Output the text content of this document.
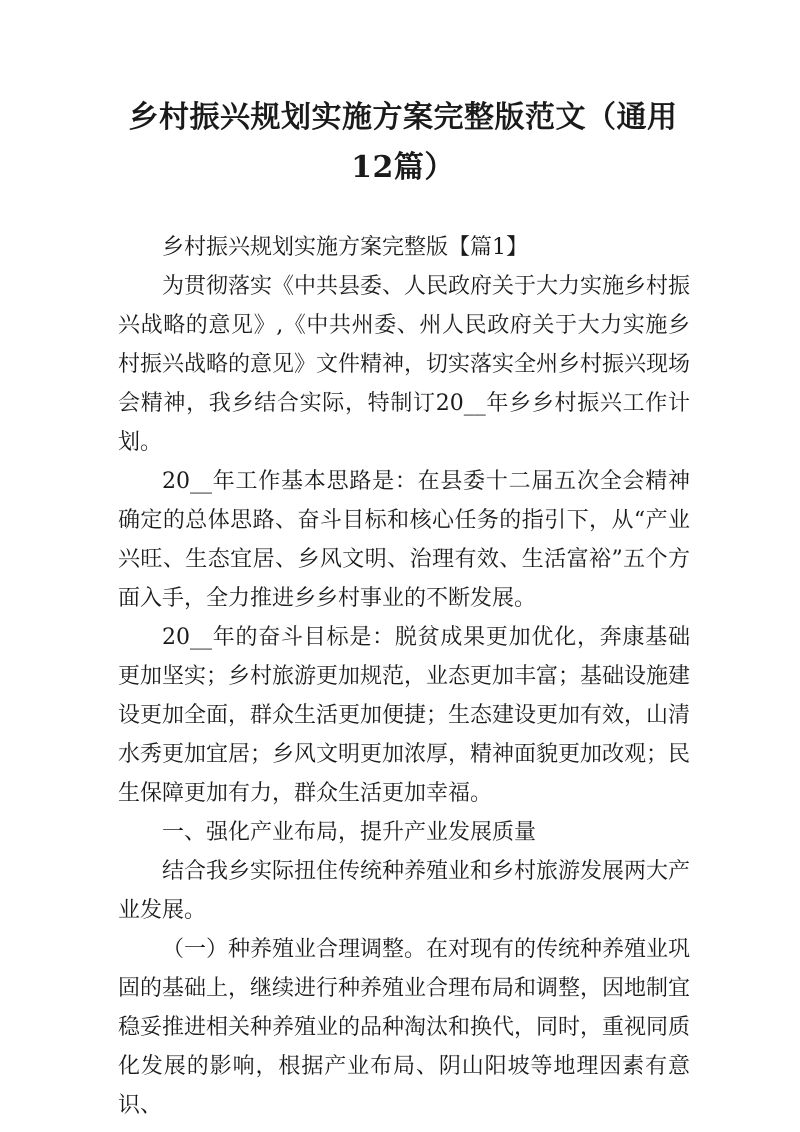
乡村振兴规划实施方案完整版范文（通用12篇）

乡村振兴规划实施方案完整版【篇1】

为贯彻落实《中共县委、人民政府关于大力实施乡村振兴战略的意见》,《中共州委、州人民政府关于大力实施乡村振兴战略的意见》文件精神，切实落实全州乡村振兴现场会精神，我乡结合实际，特制订20__年乡乡村振兴工作计划。

20__年工作基本思路是：在县委十二届五次全会精神确定的总体思路、奋斗目标和核心任务的指引下，从“产业兴旺、生态宜居、乡风文明、治理有效、生活富裕”五个方面入手，全力推进乡乡村事业的不断发展。

20__年的奋斗目标是：脱贫成果更加优化，奔康基础更加坚实；乡村旅游更加规范，业态更加丰富；基础设施建设更加全面，群众生活更加便捷；生态建设更加有效，山清水秀更加宜居；乡风文明更加浓厚，精神面貌更加改观；民生保障更加有力，群众生活更加幸福。

一、强化产业布局，提升产业发展质量

结合我乡实际扭住传统种养殖业和乡村旅游发展两大产业发展。

（一）种养殖业合理调整。在对现有的传统种养殖业巩固的基础上，继续进行种养殖业合理布局和调整，因地制宜稳妥推进相关种养殖业的品种淘汰和换代，同时，重视同质化发展的影响，根据产业布局、阴山阳坡等地理因素有意识、
